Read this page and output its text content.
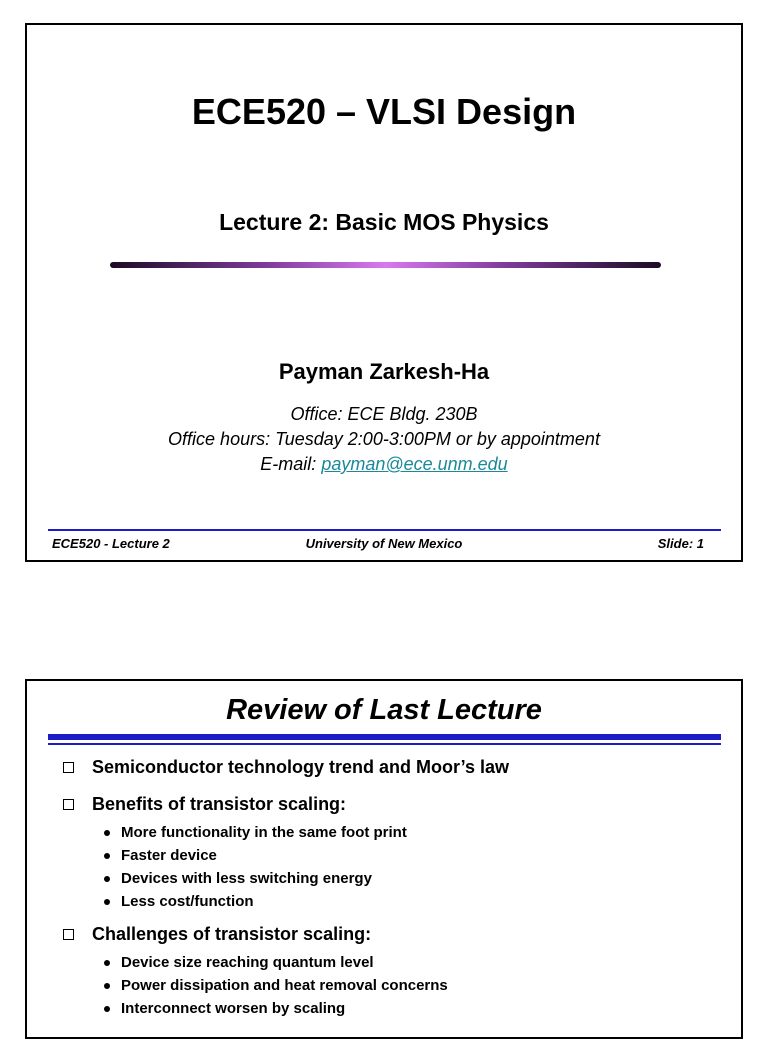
ECE520 – VLSI Design
Lecture 2: Basic MOS Physics
Payman Zarkesh-Ha
Office: ECE Bldg. 230B
Office hours: Tuesday 2:00-3:00PM or by appointment
E-mail: payman@ece.unm.edu
ECE520 - Lecture 2	University of New Mexico	Slide: 1
Review of Last Lecture
Semiconductor technology trend and Moor’s law
Benefits of transistor scaling:
More functionality in the same foot print
Faster device
Devices with less switching energy
Less cost/function
Challenges of transistor scaling:
Device size reaching quantum level
Power dissipation and heat removal concerns
Interconnect worsen by scaling
